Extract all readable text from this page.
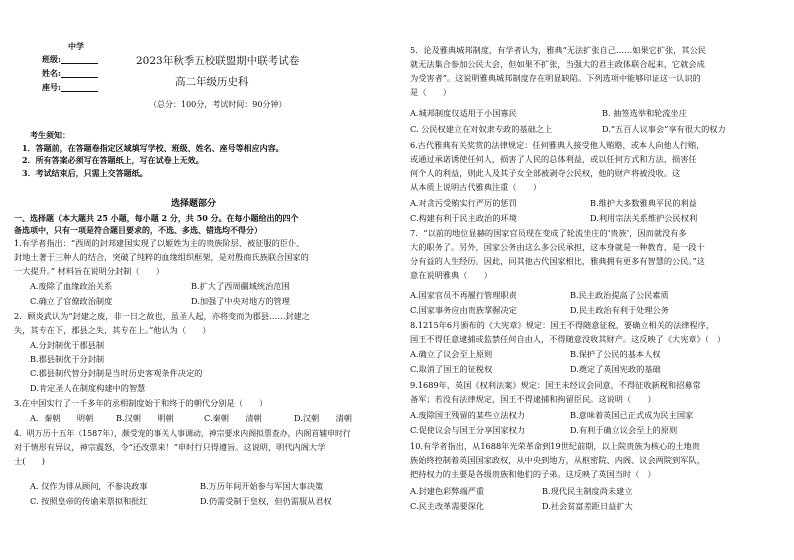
中学
班级:
姓名:
座号:
2023年秋季五校联盟期中联考试卷
高二年级历史科
（总分：100分，考试时间：90分钟）
考生须知：
1．答题前，在答题卷指定区域填写学校、班级、姓名、座号等相应内容。
2．所有答案必须写在答题纸上，写在试卷上无效。
3．考试结束后，只需上交答题纸。
选择题部分
一、选择题（本大题共 25 小题，每小题 2 分，共 50 分。在每小题给出的四个
备选项中，只有一项是符合题目要求的，不选、多选、错选均不得分）
1.有学者指出：“西周的封邦建国实现了以姬姓为主的贵族阶层、被征服的臣仆、
封地土著于三种人的结合，突破了纯粹的血缘组织框架，是对殷商氏族联合国家的
一大提升。” 材料旨在说明分封制（　　）
A.废除了血缘政治关系	B.扩大了西周疆域统治范围
C.确立了官僚政治制度	D.加强了中央对地方的管理
2．顾炎武认为“封建之废，非一日之故也，虽圣人起，亦将变而为郡县……封建之
失，其专在下，郡县之失，其专在上。”他认为（　　）
A.分封制优于郡县制
B.郡县制优于分封制
C.郡县制代替分封制是当时历史客观条件决定的
D.肯定圣人在制度构建中的智慧
3.在中国实行了一千多年的丞相制度始于和终于的朝代分别是（　　）
A．秦朝　　明朝	B.汉朝　　明朝	C.秦朝　　清朝	D.汉朝　　清朝
4．明万历十五年（1587年），颇受宠的事关人事调动，神宗要求内阁拟票查办，内阁首辅申时行
对于情形有异议，神宗震怒，令“还改票来！”申时行只得遵旨。这说明，明代内阁大学
士(　　)
A. 仅作为徘从顾问，不参决政事	B.万历年间开始参与军国大事决策
C. 按照皇帝的传谕来票拟和批红	D.仍需受制于皇权，但仍需服从君权
5．论及雅典城邦制度，有学者认为，雅典“无法扩张自己……如果它扩张，其公民
就无法集合参加公民大会，但如果不扩张，当强大的君主政体联合起来，它就会成
为受害者”。这说明雅典城邦制度存在明显缺陷。下列选项中能够印证这一认识的
是（　　）
A.城邦制度仅适用于小国寡民	B. 抽签选举和轮流坐庄
C. 公民权建立在对奴隶专政的基础之上	D.“五百人议事会”享有很大的权力
6.古代雅典有关奖赏的法律规定：任何雅典人接受他人贿赂，或本人向他人行贿，
或通过承诺诱使任何人，损害了人民的总体利益，或以任何方式和方法，损害任
何个人的利益，则此人及其子女全部被剥夺公民权，他的财产将被没收。这
从本质上说明古代雅典注重（　　）
A.对贪污受贿实行严厉的惩罚	B.维护大多数雅典平民的利益
C.构建有利于民主政治的环境	D.利用宗法关系维护公民权利
7．“以前的地位显赫的国家官员现在变成了轮流坐庄的‘贵族’，因而就没有多
大的职务了。另外，国家公务由这么多公民承担，这本身就是一种教育，是一段十
分有益的人生经历。因此，同其他古代国家相比，雅典拥有更多有智慧的公民。”这
意在说明雅典（　　）
A.国家官员不再履行管理职责	B.民主政治提高了公民素质
C.国家事务应由贵族掌握决定	D.民主政治有利于处理公务
8.1215年6月颁布的《大宪章》规定：国王不得随意征税，要确立相关的法律程序，
国王不得任意逮捕或监禁任何自由人，不得随意没收其财产。这反映了《大宪章》（　）
A.确立了议会至上原则	B.保护了公民的基本人权
C.取消了国王的征税权	D.奠定了英国宪政的基础
9.1689年，英国《权利法案》规定：国王未经议会同意，不得征收新税和招募常
备军；若没有法律规定，国王不得逮捕和拘留臣民。这说明（　　）
A.废除国王残留的某些立法权力	B.意味着英国已正式成为民主国家
C.促使议会与国王分享国家权力	D.有利于确立议会至上的原则
10.有学者指出，从1688年光荣革命到19世纪前期，以上院贵族为核心的土地贵
族始终控制着英国国家政权，从中央到地方，从枢密院、内阁、议会两院到军队，
把持权力的主要是各级贵族和他们的子弟。这反映了英国当时（　）
A.封建色彩弊端严重	B.现代民主制度尚未建立
C.民主改革需要深化	D.社会贫富差距日益扩大
